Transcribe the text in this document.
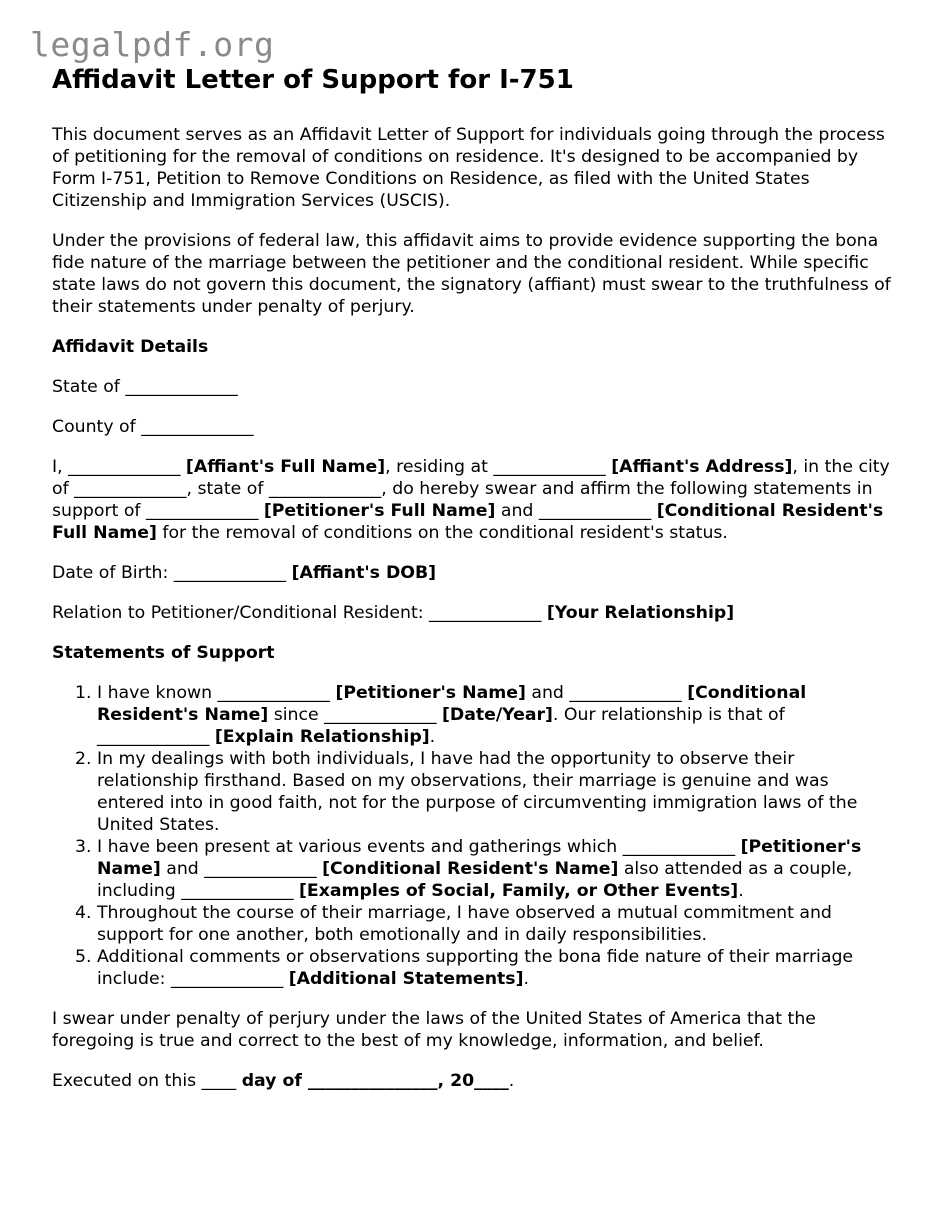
legalpdf.org
Affidavit Letter of Support for I-751

This document serves as an Affidavit Letter of Support for individuals going through the process of petitioning for the removal of conditions on residence. It's designed to be accompanied by Form I-751, Petition to Remove Conditions on Residence, as filed with the United States Citizenship and Immigration Services (USCIS).

Under the provisions of federal law, this affidavit aims to provide evidence supporting the bona fide nature of the marriage between the petitioner and the conditional resident. While specific state laws do not govern this document, the signatory (affiant) must swear to the truthfulness of their statements under penalty of perjury.

Affidavit Details

State of _____________

County of _____________

I, _____________ [Affiant's Full Name], residing at _____________ [Affiant's Address], in the city of _____________, state of _____________, do hereby swear and affirm the following statements in support of _____________ [Petitioner's Full Name] and _____________ [Conditional Resident's Full Name] for the removal of conditions on the conditional resident's status.

Date of Birth: _____________ [Affiant's DOB]

Relation to Petitioner/Conditional Resident: _____________ [Your Relationship]

Statements of Support

1. I have known _____________ [Petitioner's Name] and _____________ [Conditional Resident's Name] since _____________ [Date/Year]. Our relationship is that of _____________ [Explain Relationship].
2. In my dealings with both individuals, I have had the opportunity to observe their relationship firsthand. Based on my observations, their marriage is genuine and was entered into in good faith, not for the purpose of circumventing immigration laws of the United States.
3. I have been present at various events and gatherings which _____________ [Petitioner's Name] and _____________ [Conditional Resident's Name] also attended as a couple, including _____________ [Examples of Social, Family, or Other Events].
4. Throughout the course of their marriage, I have observed a mutual commitment and support for one another, both emotionally and in daily responsibilities.
5. Additional comments or observations supporting the bona fide nature of their marriage include: _____________ [Additional Statements].

I swear under penalty of perjury under the laws of the United States of America that the foregoing is true and correct to the best of my knowledge, information, and belief.

Executed on this ____ day of _______________, 20____.
